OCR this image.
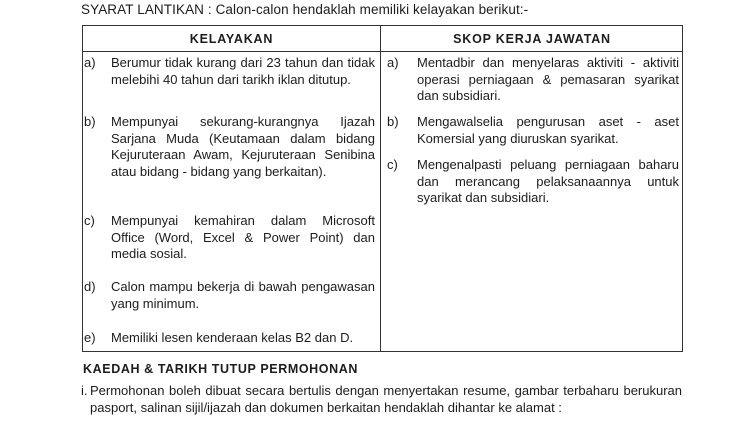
SYARAT LANTIKAN : Calon-calon hendaklah memiliki kelayakan berikut:-
KELAYAKAN	SKOP KERJA JAWATAN
a) Berumur tidak kurang dari 23 tahun dan tidak melebihi 40 tahun dari tarikh iklan ditutup.
b) Mempunyai sekurang-kurangnya Ijazah Sarjana Muda (Keutamaan dalam bidang Kejuruteraan Awam, Kejuruteraan Senibina atau bidang - bidang yang berkaitan).
c) Mempunyai kemahiran dalam Microsoft Office (Word, Excel & Power Point) dan media sosial.
d) Calon mampu bekerja di bawah pengawasan yang minimum.
e) Memiliki lesen kenderaan kelas B2 dan D.
a) Mentadbir dan menyelaras aktiviti - aktiviti operasi perniagaan & pemasaran syarikat dan subsidiari.
b) Mengawalselia pengurusan aset - aset Komersial yang diuruskan syarikat.
c) Mengenalpasti peluang perniagaan baharu dan merancang pelaksanaannya untuk syarikat dan subsidiari.
KAEDAH & TARIKH TUTUP PERMOHONAN
i. Permohonan boleh dibuat secara bertulis dengan menyertakan resume, gambar terbaharu berukuran pasport, salinan sijil/ijazah dan dokumen berkaitan hendaklah dihantar ke alamat :
